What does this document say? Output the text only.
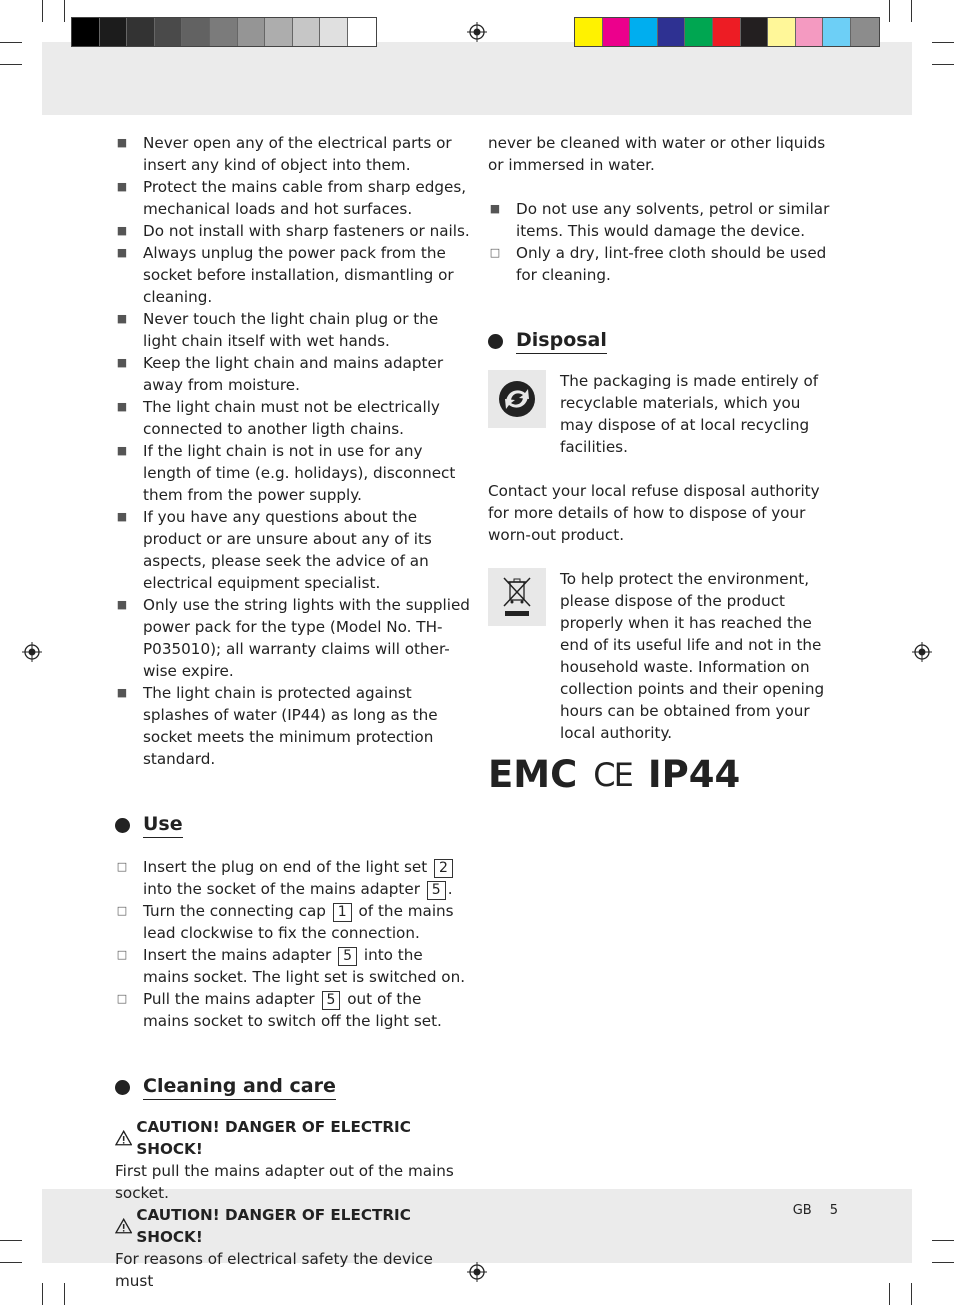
■ Never open any of the electrical parts or insert any kind of object into them.
■ Protect the mains cable from sharp edges, mechanical loads and hot surfaces.
■ Do not install with sharp fasteners or nails.
■ Always unplug the power pack from the socket before installation, dismantling or cleaning.
■ Never touch the light chain plug or the light chain itself with wet hands.
■ Keep the light chain and mains adapter away from moisture.
■ The light chain must not be electrically connected to another ligth chains.
■ If the light chain is not in use for any length of time (e.g. holidays), disconnect them from the power supply.
■ If you have any questions about the product or are unsure about any of its aspects, please seek the advice of an electrical equipment specialist.
■ Only use the string lights with the supplied power pack for the type (Model No. TH-P035010); all warranty claims will other-wise expire.
■ The light chain is protected against splashes of water (IP44) as long as the socket meets the minimum protection standard.
Use
□ Insert the plug on end of the light set 2 into the socket of the mains adapter 5 .
□ Turn the connecting cap 1 of the mains lead clockwise to fix the connection.
□ Insert the mains adapter 5 into the mains socket. The light set is switched on.
□ Pull the mains adapter 5 out of the mains socket to switch off the light set.
Cleaning and care
CAUTION! DANGER OF ELECTRIC SHOCK!

First pull the mains adapter out of the mains socket.

CAUTION! DANGER OF ELECTRIC SHOCK!

For reasons of electrical safety the device must

never be cleaned with water or other liquids or immersed in water.

■ Do not use any solvents, petrol or similar items. This would damage the device.
□ Only a dry, lint-free cloth should be used for cleaning.
Disposal

The packaging is made entirely of recyclable materials, which you may dispose of at local recycling facilities.

Contact your local refuse disposal authority for more details of how to dispose of your worn-out product.

To help protect the environment, please dispose of the product properly when it has reached the end of its useful life and not in the household waste. Information on collection points and their opening hours can be obtained from your local authority.

EMC CE IP44
GB 5
